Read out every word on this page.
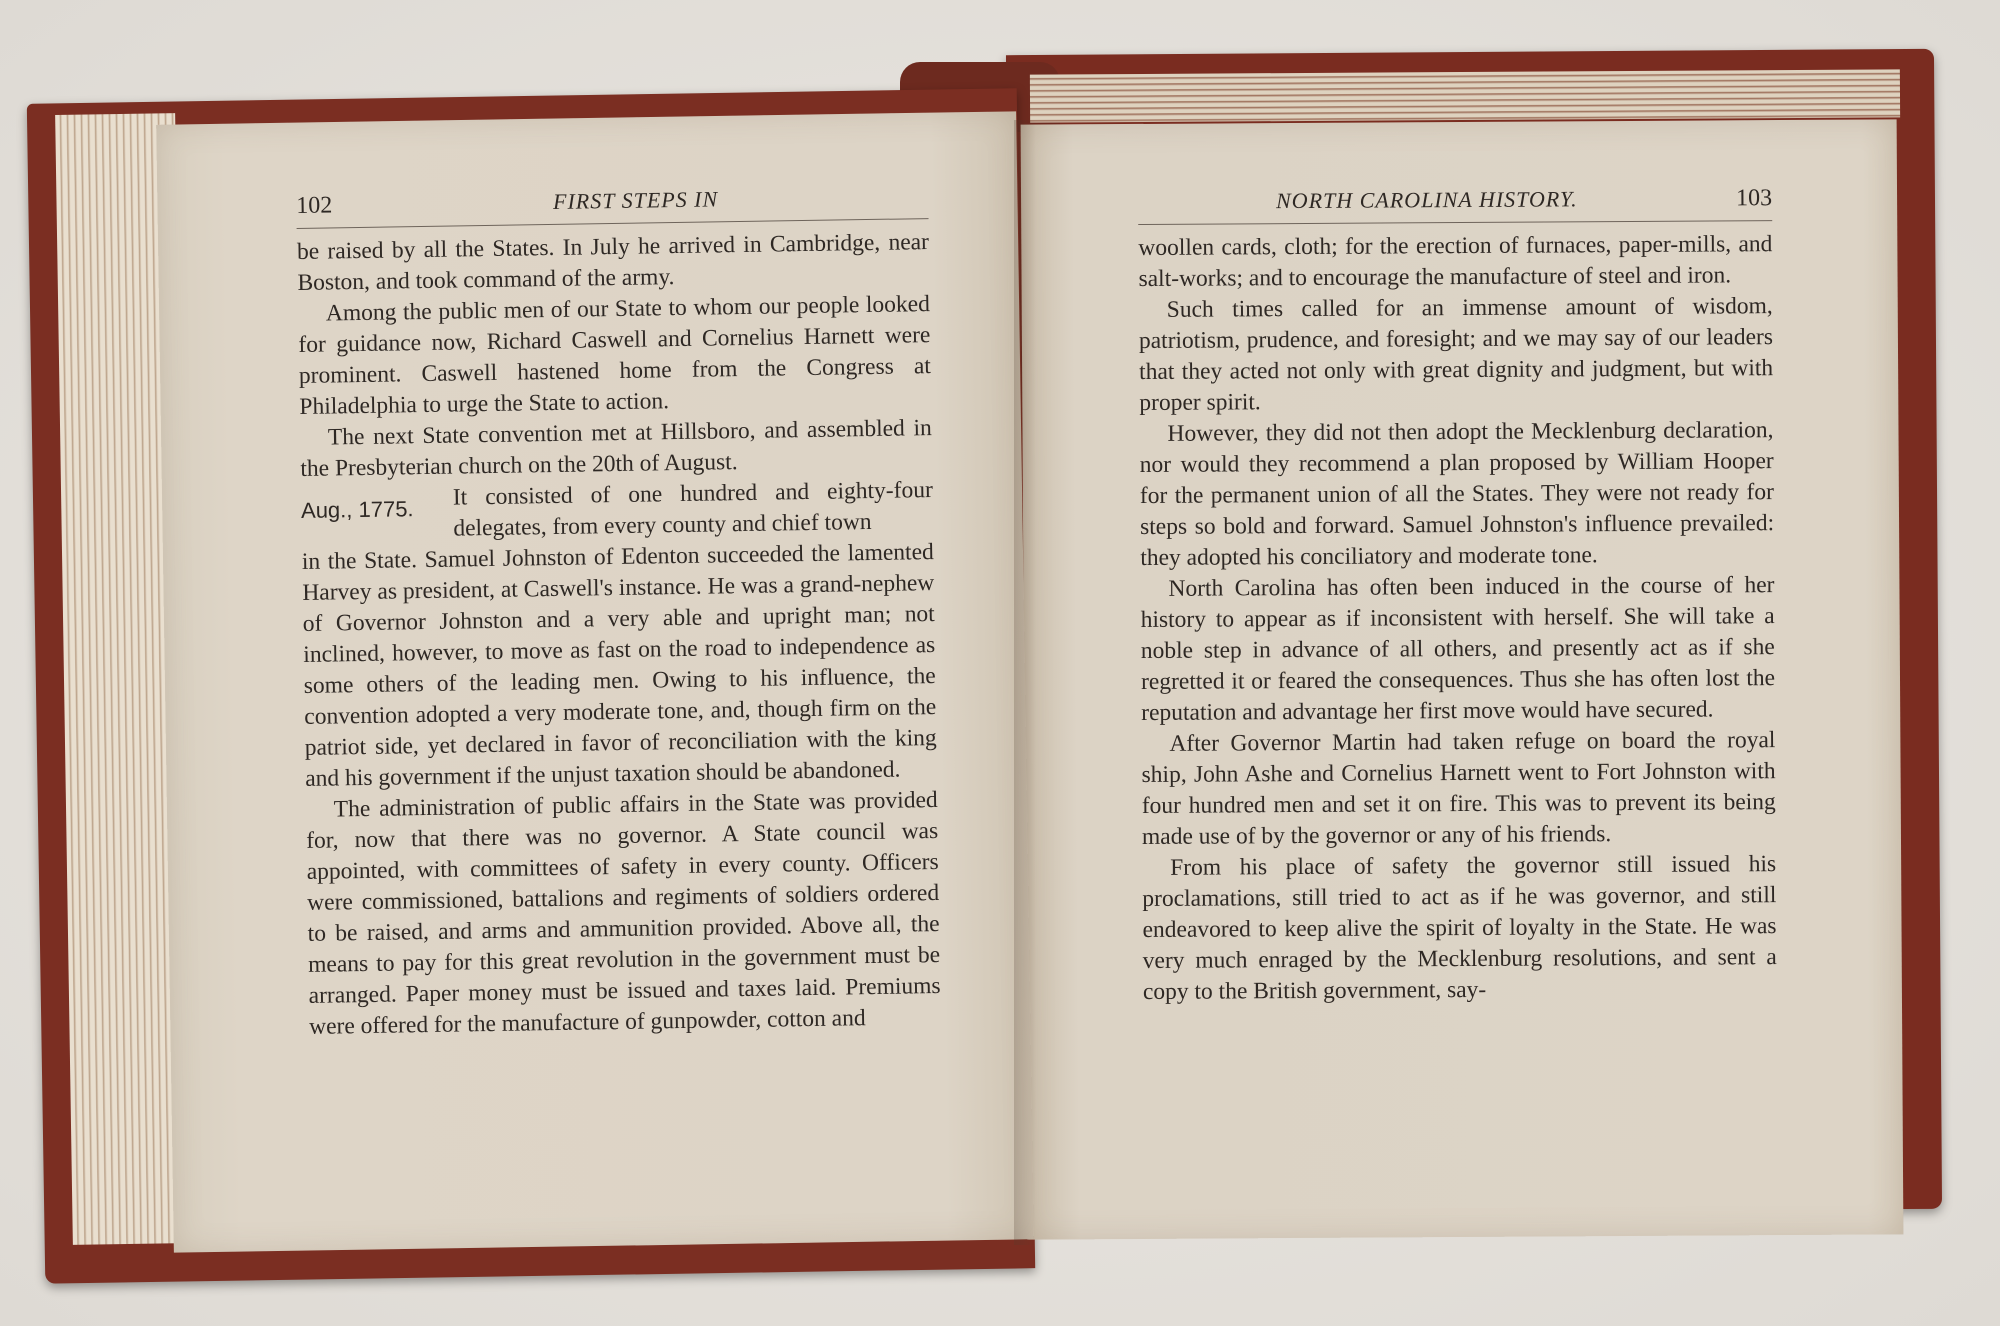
102	FIRST STEPS IN

be raised by all the States. In July he arrived in Cambridge, near Boston, and took command of the army.

Among the public men of our State to whom our people looked for guidance now, Richard Caswell and Cornelius Harnett were prominent. Caswell hastened home from the Congress at Philadelphia to urge the State to action.

The next State convention met at Hillsboro, and assembled in the Presbyterian church on the 20th of August.

Aug., 1775.	It consisted of one hundred and eighty-four delegates, from every county and chief town

in the State. Samuel Johnston of Edenton succeeded the lamented Harvey as president, at Caswell's instance. He was a grand-nephew of Governor Johnston and a very able and upright man; not inclined, however, to move as fast on the road to independence as some others of the leading men. Owing to his influence, the convention adopted a very moderate tone, and, though firm on the patriot side, yet declared in favor of reconciliation with the king and his government if the unjust taxation should be abandoned.

The administration of public affairs in the State was provided for, now that there was no governor. A State council was appointed, with committees of safety in every county. Officers were commissioned, battalions and regiments of soldiers ordered to be raised, and arms and ammunition provided. Above all, the means to pay for this great revolution in the government must be arranged. Paper money must be issued and taxes laid. Premiums were offered for the manufacture of gunpowder, cotton and

NORTH CAROLINA HISTORY.	103

woollen cards, cloth; for the erection of furnaces, paper-mills, and salt-works; and to encourage the manufacture of steel and iron.

Such times called for an immense amount of wisdom, patriotism, prudence, and foresight; and we may say of our leaders that they acted not only with great dignity and judgment, but with proper spirit.

However, they did not then adopt the Mecklenburg declaration, nor would they recommend a plan proposed by William Hooper for the permanent union of all the States. They were not ready for steps so bold and forward. Samuel Johnston's influence prevailed: they adopted his conciliatory and moderate tone.

North Carolina has often been induced in the course of her history to appear as if inconsistent with herself. She will take a noble step in advance of all others, and presently act as if she regretted it or feared the consequences. Thus she has often lost the reputation and advantage her first move would have secured.

After Governor Martin had taken refuge on board the royal ship, John Ashe and Cornelius Harnett went to Fort Johnston with four hundred men and set it on fire. This was to prevent its being made use of by the governor or any of his friends.

From his place of safety the governor still issued his proclamations, still tried to act as if he was governor, and still endeavored to keep alive the spirit of loyalty in the State. He was very much enraged by the Mecklenburg resolutions, and sent a copy to the British government, say-
